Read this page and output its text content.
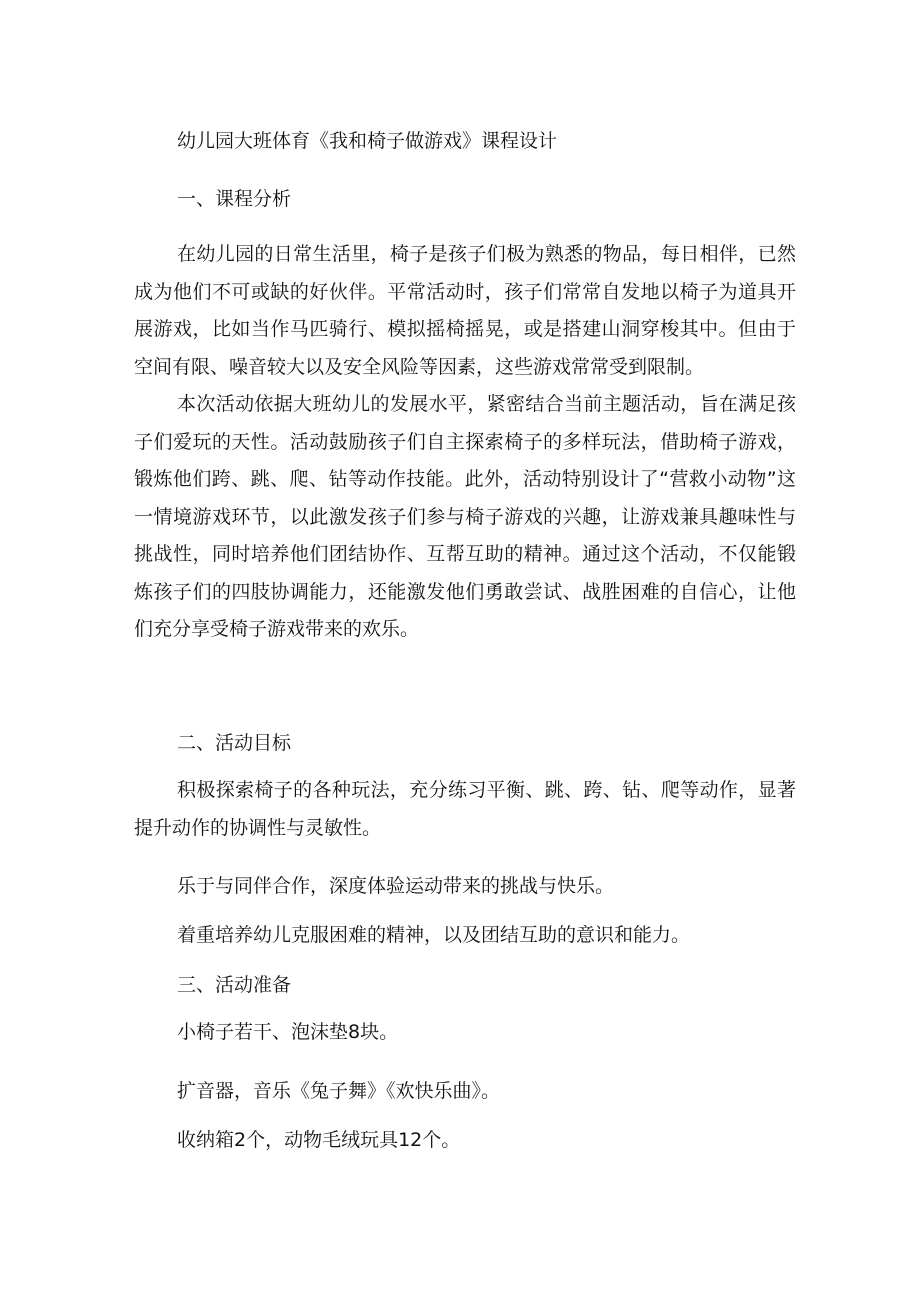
幼儿园大班体育《我和椅子做游戏》课程设计

一、课程分析

在幼儿园的日常生活里，椅子是孩子们极为熟悉的物品，每日相伴，已然成为他们不可或缺的好伙伴。平常活动时，孩子们常常自发地以椅子为道具开展游戏，比如当作马匹骑行、模拟摇椅摇晃，或是搭建山洞穿梭其中。但由于空间有限、噪音较大以及安全风险等因素，这些游戏常常受到限制。

本次活动依据大班幼儿的发展水平，紧密结合当前主题活动，旨在满足孩子们爱玩的天性。活动鼓励孩子们自主探索椅子的多样玩法，借助椅子游戏，锻炼他们跨、跳、爬、钻等动作技能。此外，活动特别设计了“营救小动物”这一情境游戏环节，以此激发孩子们参与椅子游戏的兴趣，让游戏兼具趣味性与挑战性，同时培养他们团结协作、互帮互助的精神。通过这个活动，不仅能锻炼孩子们的四肢协调能力，还能激发他们勇敢尝试、战胜困难的自信心，让他们充分享受椅子游戏带来的欢乐。

二、活动目标

积极探索椅子的各种玩法，充分练习平衡、跳、跨、钻、爬等动作，显著提升动作的协调性与灵敏性。

乐于与同伴合作，深度体验运动带来的挑战与快乐。

着重培养幼儿克服困难的精神，以及团结互助的意识和能力。

三、活动准备

小椅子若干、泡沫垫8块。

扩音器，音乐《兔子舞》《欢快乐曲》。

收纳箱2个，动物毛绒玩具12个。
